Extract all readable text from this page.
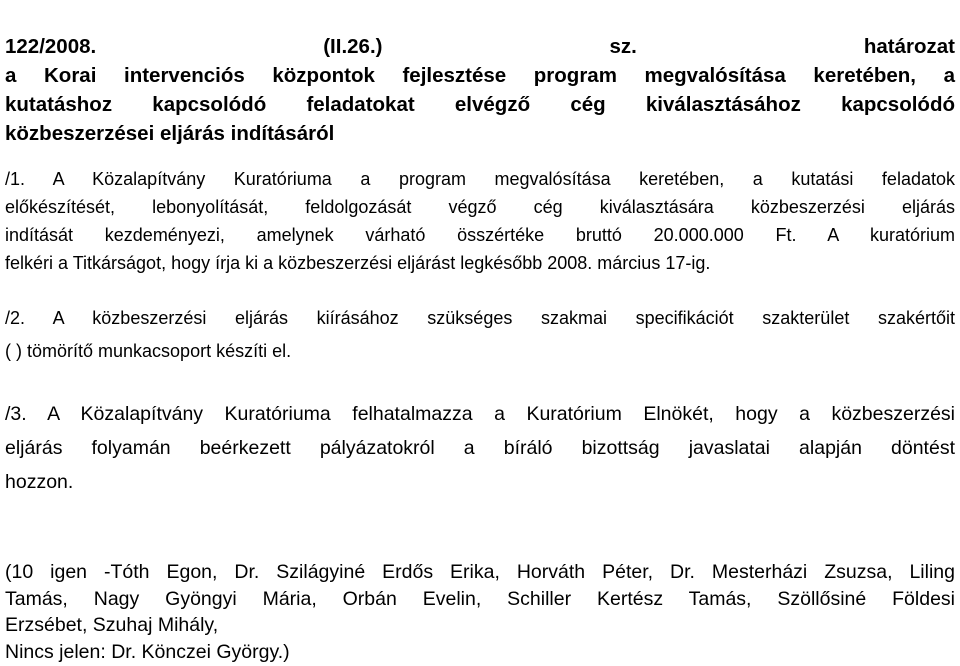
122/2008. (II.26.) sz. határozat
a Korai intervenciós központok fejlesztése program megvalósítása keretében, a
kutatáshoz kapcsolódó feladatokat elvégző cég kiválasztásához kapcsolódó
közbeszerzései eljárás indításáról
/1. A Közalapítvány Kuratóriuma a program megvalósítása keretében, a kutatási feladatok
előkészítését, lebonyolítását, feldolgozását végző cég kiválasztására közbeszerzési eljárás
indítását kezdeményezi, amelynek várható összértéke bruttó 20.000.000 Ft. A kuratórium
felkéri a Titkárságot, hogy írja ki a közbeszerzési eljárást legkésőbb 2008. március 17-ig.
/2. A közbeszerzési eljárás kiírásához szükséges szakmai specifikációt szakterület szakértőit
( ) tömörítő munkacsoport készíti el.
/3. A Közalapítvány Kuratóriuma felhatalmazza a Kuratórium Elnökét, hogy a közbeszerzési
eljárás folyamán beérkezett pályázatokról a bíráló bizottság javaslatai alapján döntést
hozzon.
(10 igen -Tóth Egon, Dr. Szilágyiné Erdős Erika, Horváth Péter, Dr. Mesterházi Zsuzsa, Liling
Tamás, Nagy Gyöngyi Mária, Orbán Evelin, Schiller Kertész Tamás, Szöllősiné Földesi
Erzsébet, Szuhaj Mihály,
Nincs jelen: Dr. Könczei György.)
